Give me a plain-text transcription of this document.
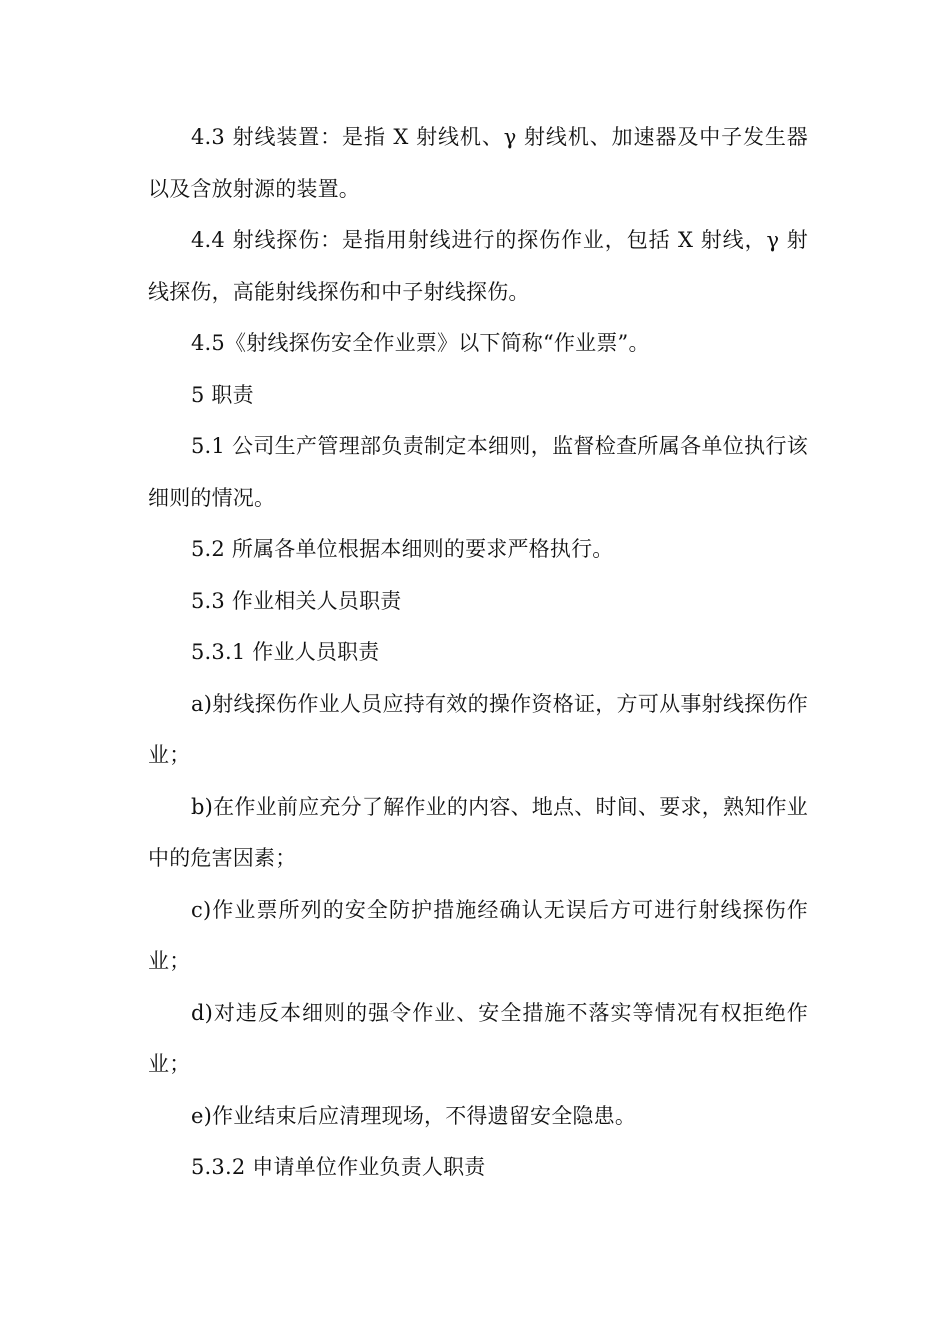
4.3 射线装置：是指 X 射线机、γ 射线机、加速器及中子发生器以及含放射源的装置。

4.4 射线探伤：是指用射线进行的探伤作业，包括 X 射线，γ 射线探伤，高能射线探伤和中子射线探伤。

4.5《射线探伤安全作业票》以下简称“作业票”。

5 职责

5.1 公司生产管理部负责制定本细则，监督检查所属各单位执行该细则的情况。

5.2 所属各单位根据本细则的要求严格执行。

5.3 作业相关人员职责

5.3.1 作业人员职责

a)射线探伤作业人员应持有效的操作资格证，方可从事射线探伤作业；

b)在作业前应充分了解作业的内容、地点、时间、要求，熟知作业中的危害因素；

c)作业票所列的安全防护措施经确认无误后方可进行射线探伤作业；

d)对违反本细则的强令作业、安全措施不落实等情况有权拒绝作业；

e)作业结束后应清理现场，不得遗留安全隐患。

5.3.2 申请单位作业负责人职责
